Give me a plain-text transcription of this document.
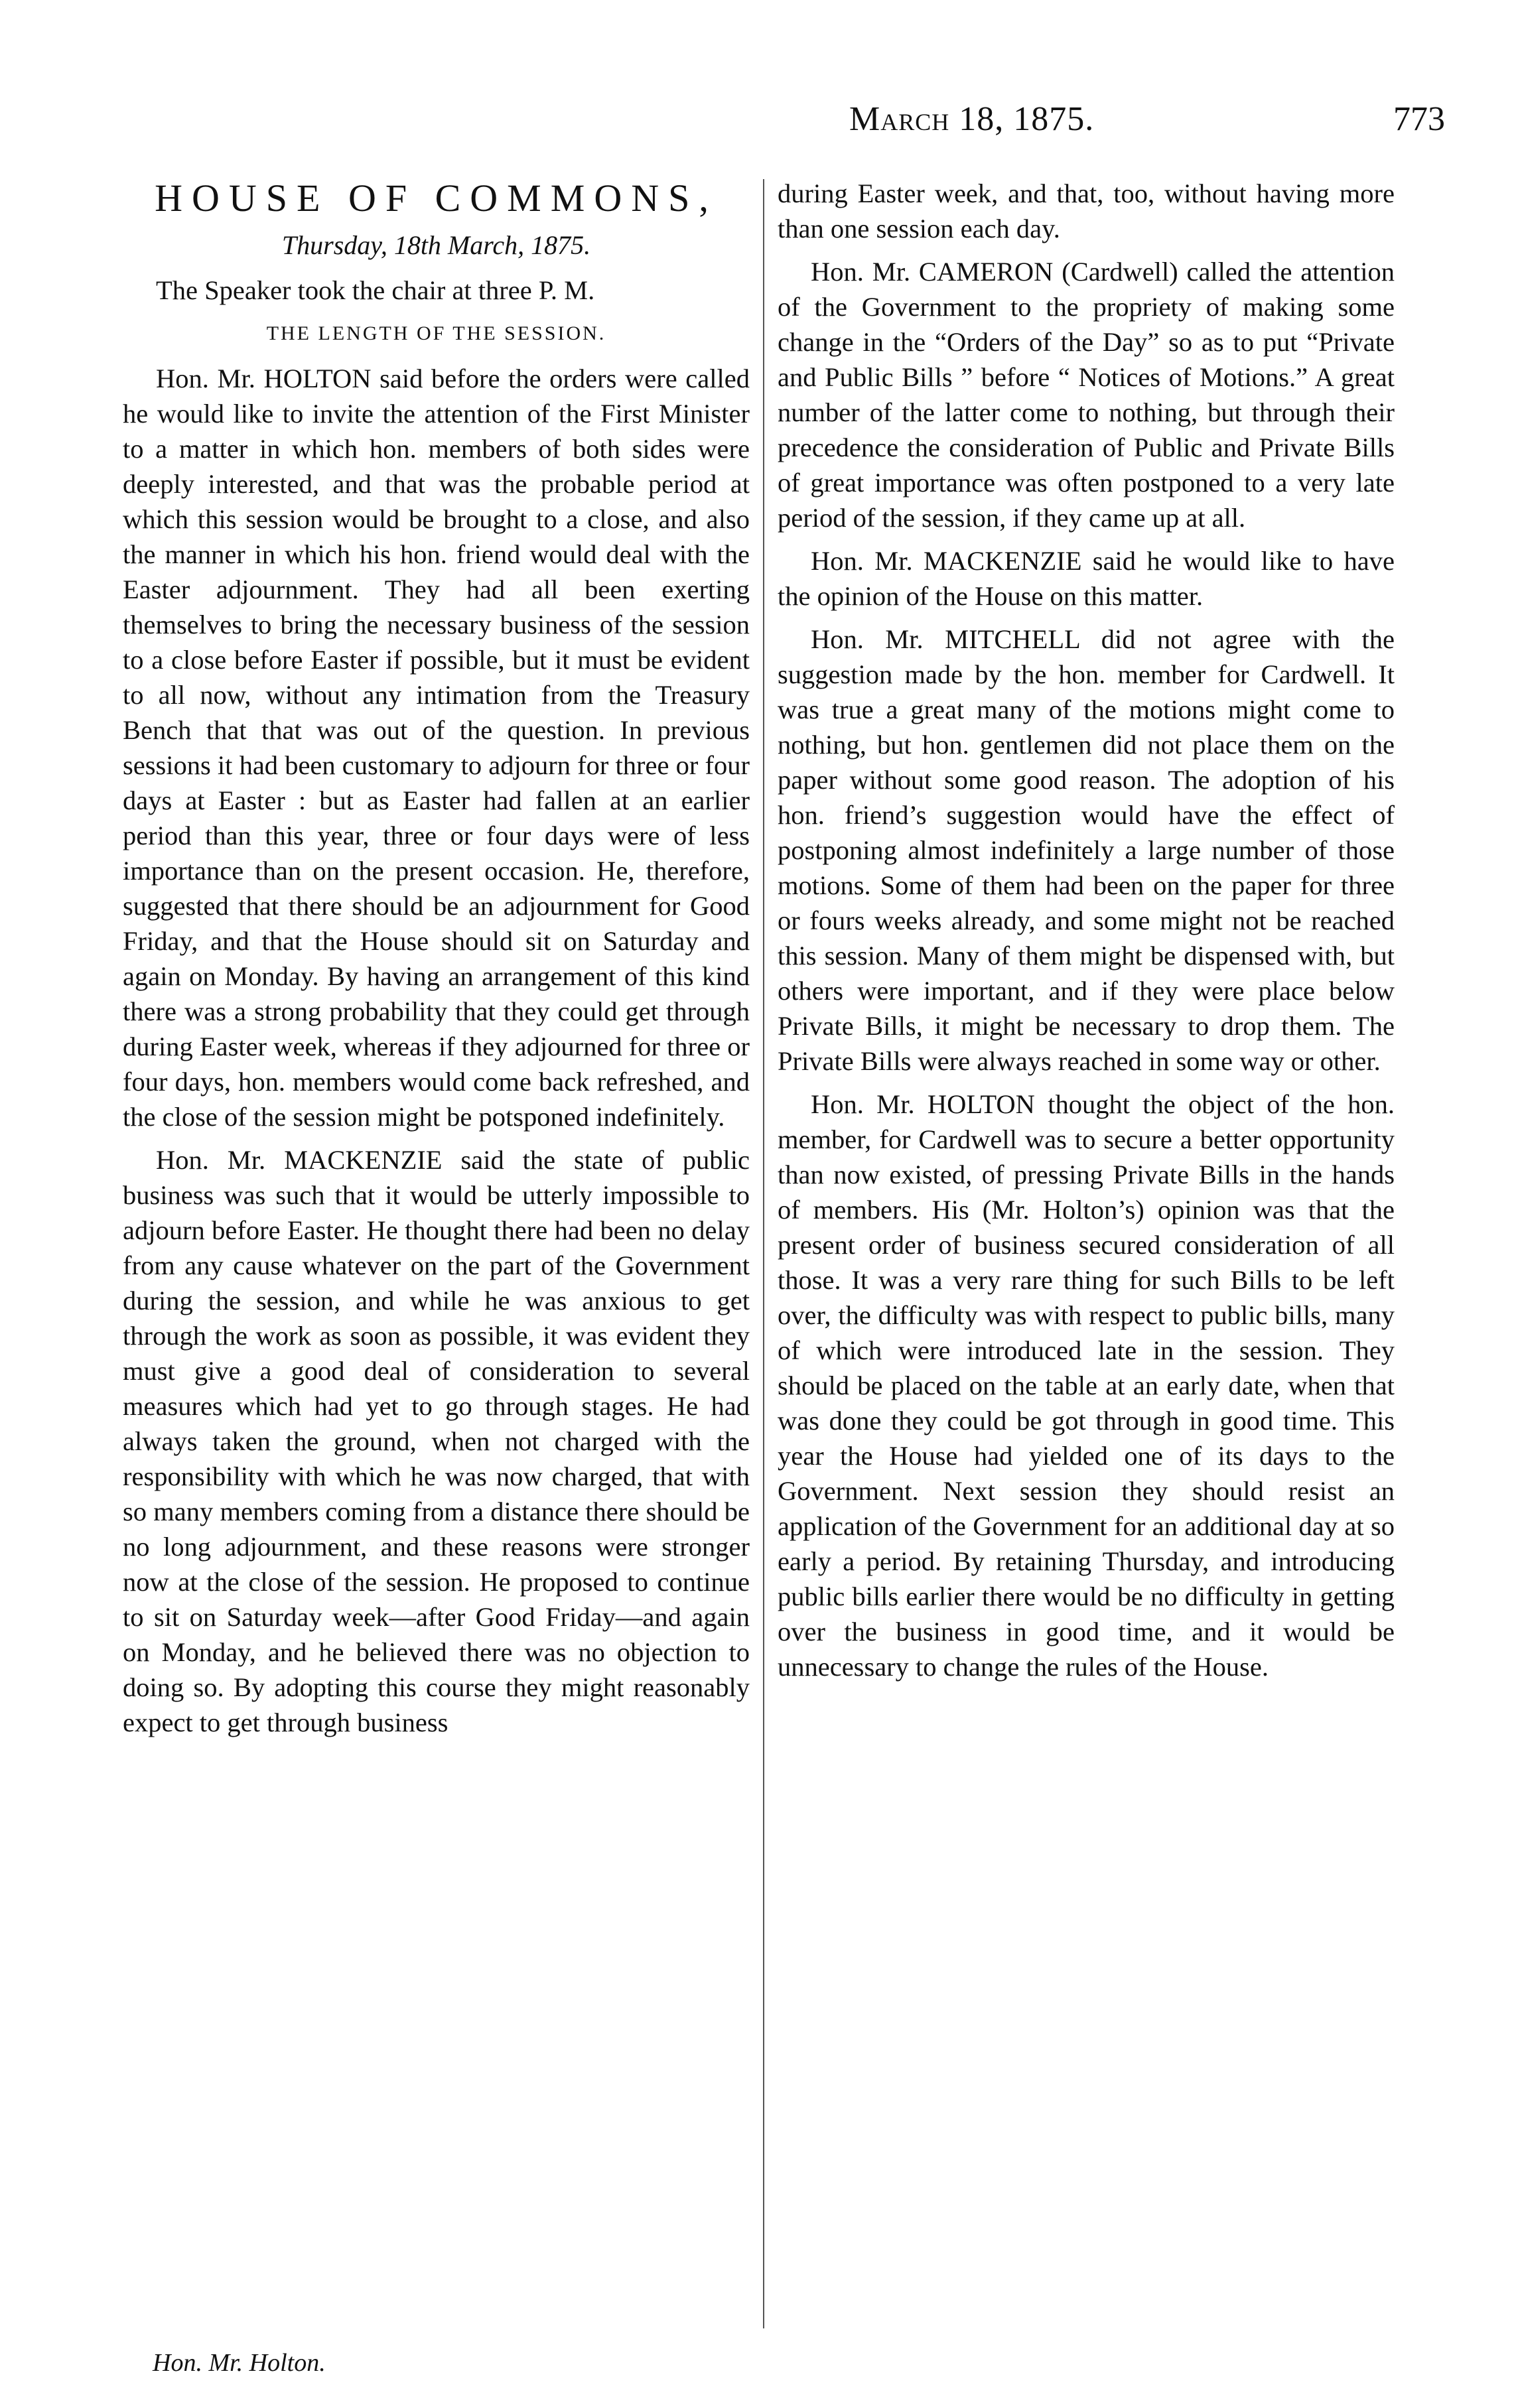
March 18, 1875.	773
HOUSE OF COMMONS,
Thursday, 18th March, 1875.

The Speaker took the chair at three P. M.

THE LENGTH OF THE SESSION.

Hon. Mr. HOLTON said before the orders were called he would like to invite the attention of the First Minister to a matter in which hon. members of both sides were deeply interested, and that was the probable period at which this session would be brought to a close, and also the manner in which his hon. friend would deal with the Easter adjournment. They had all been exerting themselves to bring the necessary business of the session to a close before Easter if possible, but it must be evident to all now, without any intimation from the Treasury Bench that that was out of the question. In previous sessions it had been customary to adjourn for three or four days at Easter : but as Easter had fallen at an earlier period than this year, three or four days were of less importance than on the present occasion. He, therefore, suggested that there should be an adjournment for Good Friday, and that the House should sit on Saturday and again on Monday. By having an arrangement of this kind there was a strong probability that they could get through during Easter week, whereas if they adjourned for three or four days, hon. members would come back refreshed, and the close of the session might be potsponed indefinitely.

Hon. Mr. MACKENZIE said the state of public business was such that it would be utterly impossible to adjourn before Easter. He thought there had been no delay from any cause whatever on the part of the Government during the session, and while he was anxious to get through the work as soon as possible, it was evident they must give a good deal of consideration to several measures which had yet to go through stages. He had always taken the ground, when not charged with the responsibility with which he was now charged, that with so many members coming from a distance there should be no long adjournment, and these reasons were stronger now at the close of the session. He proposed to continue to sit on Saturday week—after Good Friday—and again on Monday, and he believed there was no objection to doing so. By adopting this course they might reasonably expect to get through business

during Easter week, and that, too, without having more than one session each day.

Hon. Mr. CAMERON (Cardwell) called the attention of the Government to the propriety of making some change in the “Orders of the Day” so as to put “Private and Public Bills ” before “ Notices of Motions.” A great number of the latter come to nothing, but through their precedence the consideration of Public and Private Bills of great importance was often postponed to a very late period of the session, if they came up at all.

Hon. Mr. MACKENZIE said he would like to have the opinion of the House on this matter.

Hon. Mr. MITCHELL did not agree with the suggestion made by the hon. member for Cardwell. It was true a great many of the motions might come to nothing, but hon. gentlemen did not place them on the paper without some good reason. The adoption of his hon. friend’s suggestion would have the effect of postponing almost indefinitely a large number of those motions. Some of them had been on the paper for three or fours weeks already, and some might not be reached this session. Many of them might be dispensed with, but others were important, and if they were place below Private Bills, it might be necessary to drop them. The Private Bills were always reached in some way or other.

Hon. Mr. HOLTON thought the object of the hon. member, for Cardwell was to secure a better opportunity than now existed, of pressing Private Bills in the hands of members. His (Mr. Holton’s) opinion was that the present order of business secured consideration of all those. It was a very rare thing for such Bills to be left over, the difficulty was with respect to public bills, many of which were introduced late in the session. They should be placed on the table at an early date, when that was done they could be got through in good time. This year the House had yielded one of its days to the Government. Next session they should resist an application of the Government for an additional day at so early a period. By retaining Thursday, and introducing public bills earlier there would be no difficulty in getting over the business in good time, and it would be unnecessary to change the rules of the House.

Hon. Mr. Holton.
